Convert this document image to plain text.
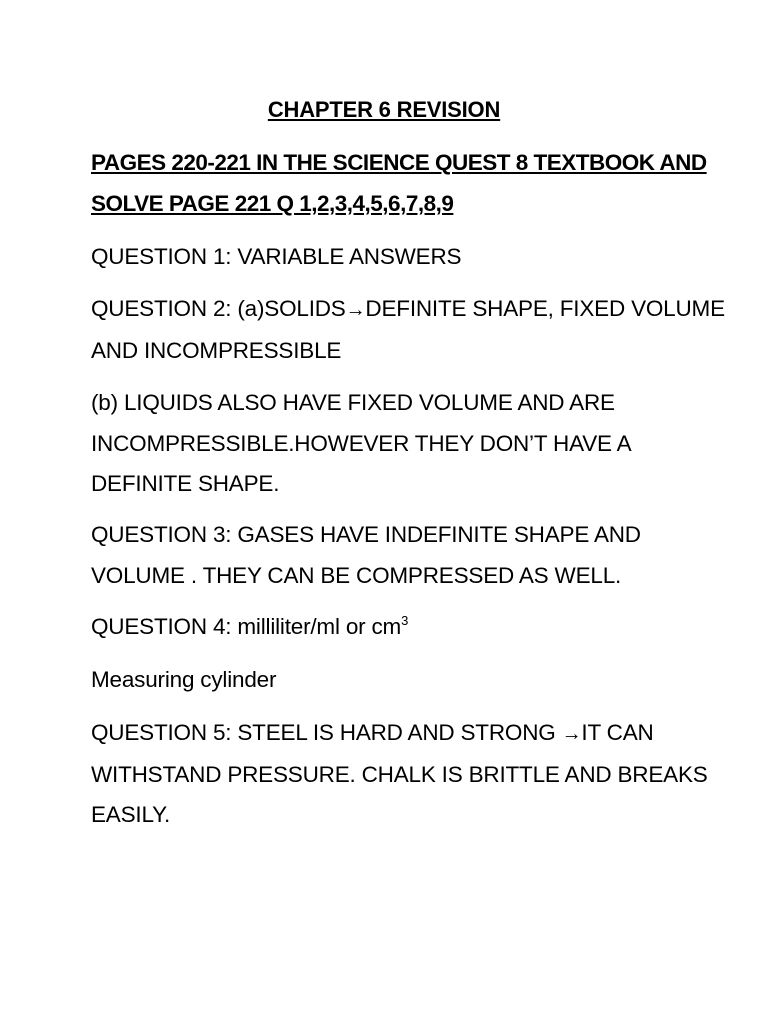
CHAPTER 6 REVISION
PAGES 220-221 IN THE SCIENCE QUEST 8 TEXTBOOK AND
SOLVE PAGE 221 Q 1,2,3,4,5,6,7,8,9
QUESTION 1: VARIABLE ANSWERS
QUESTION 2: (a)SOLIDS→DEFINITE SHAPE, FIXED VOLUME
AND INCOMPRESSIBLE
(b) LIQUIDS ALSO HAVE FIXED VOLUME AND ARE
INCOMPRESSIBLE.HOWEVER THEY DON’T HAVE A
DEFINITE SHAPE.
QUESTION 3: GASES HAVE INDEFINITE SHAPE AND
VOLUME . THEY CAN BE COMPRESSED AS WELL.
QUESTION 4: milliliter/ml or $cm^3$
Measuring cylinder
QUESTION 5: STEEL IS HARD AND STRONG →IT CAN
WITHSTAND PRESSURE. CHALK IS BRITTLE AND BREAKS
EASILY.
